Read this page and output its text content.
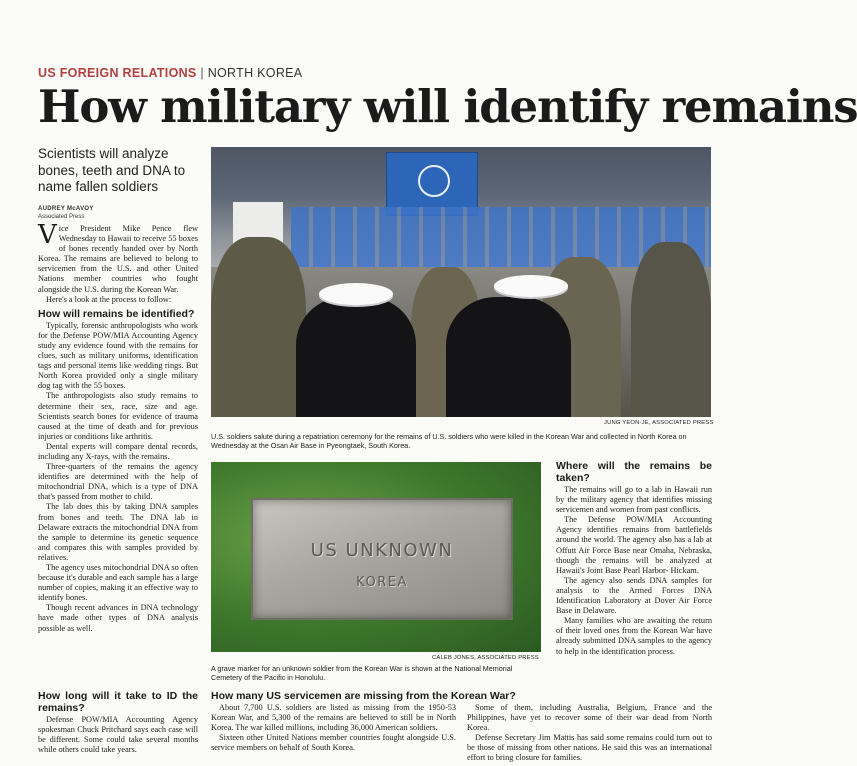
US FOREIGN RELATIONS | NORTH KOREA
How military will identify remains
Scientists will analyze bones, teeth and DNA to name fallen soldiers
AUDREY McAVOY
Associated Press

Vice President Mike Pence flew Wednesday to Hawaii to receive 55 boxes of bones recently handed over by North Korea. The remains are believed to belong to servicemen from the U.S. and other United Nations member countries who fought alongside the U.S. during the Korean War.

Here's a look at the process to follow:

How will remains be identified?

Typically, forensic anthropologists who work for the Defense POW/MIA Accounting Agency study any evidence found with the remains for clues, such as military uniforms, identification tags and personal items like wedding rings. But North Korea provided only a single military dog tag with the 55 boxes.

The anthropologists also study remains to determine their sex, race, size and age. Scientists search bones for evidence of trauma caused at the time of death and for previous injuries or conditions like arthritis.

Dental experts will compare dental records, including any X-rays, with the remains.

Three-quarters of the remains the agency identifies are determined with the help of mitochondrial DNA, which is a type of DNA that's passed from mother to child.

The lab does this by taking DNA samples from bones and teeth. The DNA lab in Delaware extracts the mitochondrial DNA from the sample to determine its genetic sequence and compares this with samples provided by relatives.

The agency uses mitochondrial DNA so often because it's durable and each sample has a large number of copies, making it an effective way to identify bones.

Though recent advances in DNA technology have made other types of DNA analysis possible as well.

How long will it take to ID the remains?

Defense POW/MIA Accounting Agency spokesman Chuck Pritchard says each case will be different. Some could take several months while others could take years.

JUNG YEON-JE, ASSOCIATED PRESS
U.S. soldiers salute during a repatriation ceremony for the remains of U.S. soldiers who were killed in the Korean War and collected in North Korea on Wednesday at the Osan Air Base in Pyeongtaek, South Korea.
US UNKNOWN
KOREA
CALEB JONES, ASSOCIATED PRESS
A grave marker for an unknown soldier from the Korean War is shown at the National Memorial Cemetery of the Pacific in Honolulu.
Where will the remains be taken?

The remains will go to a lab in Hawaii run by the military agency that identifies missing servicemen and women from past conflicts.

The Defense POW/MIA Accounting Agency identifies remains from battlefields around the world. The agency also has a lab at Offutt Air Force Base near Omaha, Nebraska, though the remains will be analyzed at Hawaii's Joint Base Pearl Harbor- Hickam.

The agency also sends DNA samples for analysis to the Armed Forces DNA Identification Laboratory at Dover Air Force Base in Delaware.

Many families who are awaiting the return of their loved ones from the Korean War have already submitted DNA samples to the agency to help in the identification process.

How many US servicemen are missing from the Korean War?

About 7,700 U.S. soldiers are listed as missing from the 1950-53 Korean War, and 5,300 of the remains are believed to still be in North Korea. The war killed millions, including 36,000 American soldiers.

Sixteen other United Nations member countries fought alongside U.S. service members on behalf of South Korea.

Some of them, including Australia, Belgium, France and the Philippines, have yet to recover some of their war dead from North Korea.

Defense Secretary Jim Mattis has said some remains could turn out to be those of missing from other nations. He said this was an international effort to bring closure for families.
